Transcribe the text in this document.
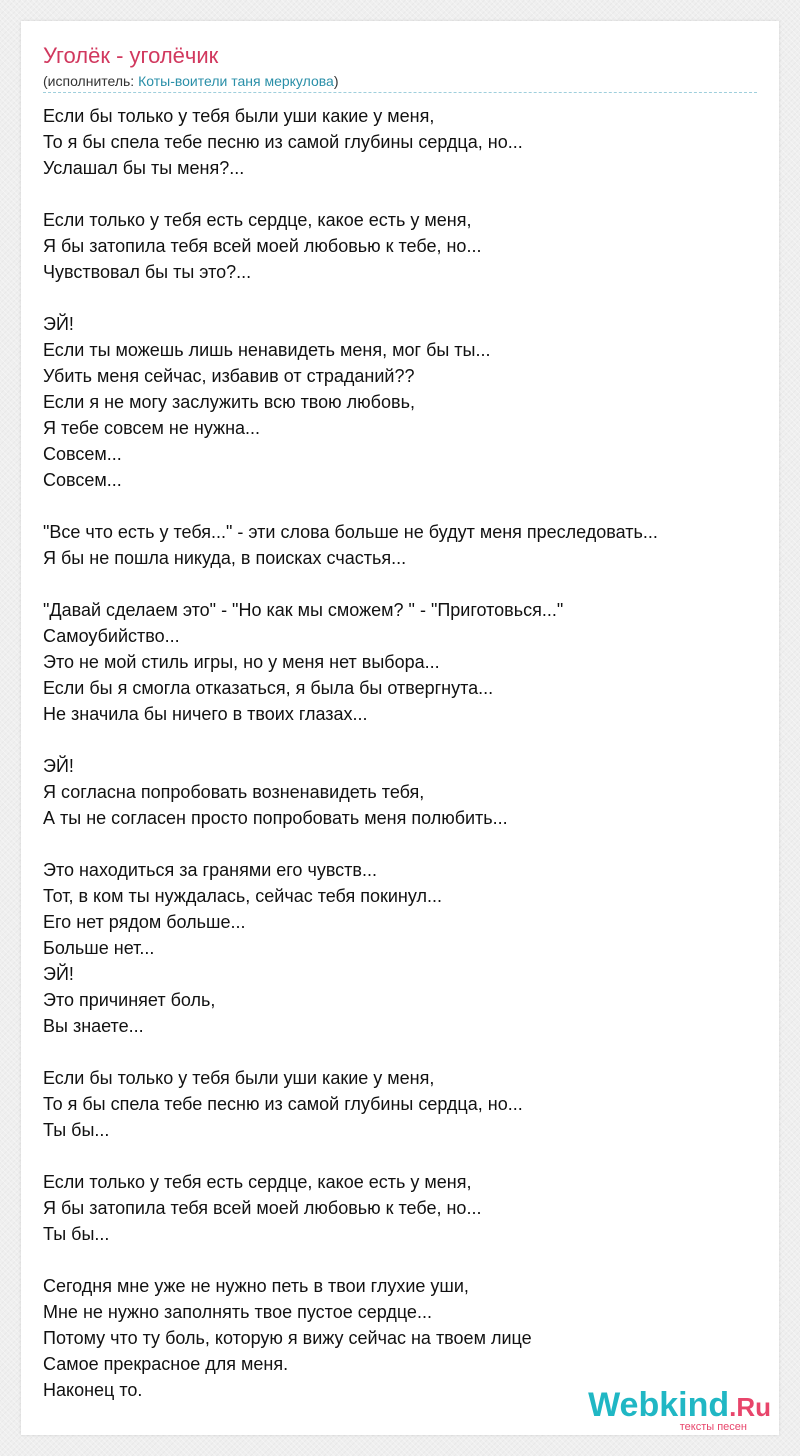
Уголёк - уголёчик
(исполнитель: Коты-воители таня меркулова)
Если бы только у тебя были уши какие у меня,
То я бы спела тебе песню из самой глубины сердца, но...
Услашал бы ты меня?...
Если только у тебя есть сердце, какое есть у меня,
Я бы затопила тебя всей моей любовью к тебе, но...
Чувствовал бы ты это?...
ЭЙ!
Если ты можешь лишь ненавидеть меня, мог бы ты...
Убить меня сейчас, избавив от страданий??
Если я не могу заслужить всю твою любовь,
Я тебе совсем не нужна...
Совсем...
Совсем...
"Все что есть у тебя..." - эти слова больше не будут меня преследовать...
Я бы не пошла никуда, в поисках счастья...
"Давай сделаем это" - "Но как мы сможем? " - "Приготовься..."
Самоубийство...
Это не мой стиль игры, но у меня нет выбора...
Если бы я смогла отказаться, я была бы отвергнута...
Не значила бы ничего в твоих глазах...
ЭЙ!
Я согласна попробовать возненавидеть тебя,
А ты не согласен просто попробовать меня полюбить...
Это находиться за гранями его чувств...
Тот, в ком ты нуждалась, сейчас тебя покинул...
Его нет рядом больше...
Больше нет...
ЭЙ!
Это причиняет боль,
Вы знаете...
Если бы только у тебя были уши какие у меня,
То я бы спела тебе песню из самой глубины сердца, но...
Ты бы...
Если только у тебя есть сердце, какое есть у меня,
Я бы затопила тебя всей моей любовью к тебе, но...
Ты бы...
Сегодня мне уже не нужно петь в твои глухие уши,
Мне не нужно заполнять твое пустое сердце...
Потому что ту боль, которую я вижу сейчас на твоем лице
Самое прекрасное для меня.
Наконец то.	Webkind.Ru
тексты песен
